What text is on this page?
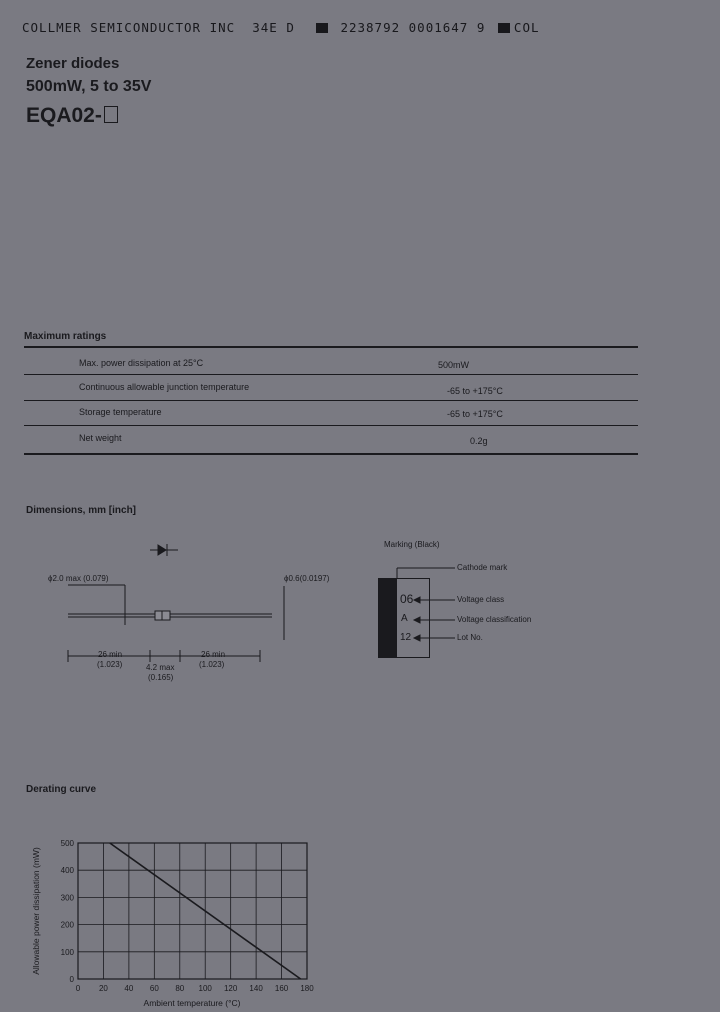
COLLMER SEMICONDUCTOR INC 34E D	2238792 0001647 9 COL
Zener diodes
500mW, 5 to 35V
EQA02-
Maximum ratings
Max. power dissipation at 25°C	500mW
Continuous allowable junction temperature	-65 to +175°C
Storage temperature	-65 to +175°C
Net weight	0.2g
Dimensions, mm [inch]
ϕ2.0 max (0.079)	ϕ0.6(0.0197)
26 min
(1.023)	4.2 max
(0.165)
26 min
(1.023)
Marking (Black)
06
A
12
Cathode mark
Voltage class
Voltage classification
Lot No.
Derating curve
0 20 40 60 80 100 120 140 160 180
0
100
200
300
400
500
Ambient temperature (°C)
Allowable power dissipation (mW)
